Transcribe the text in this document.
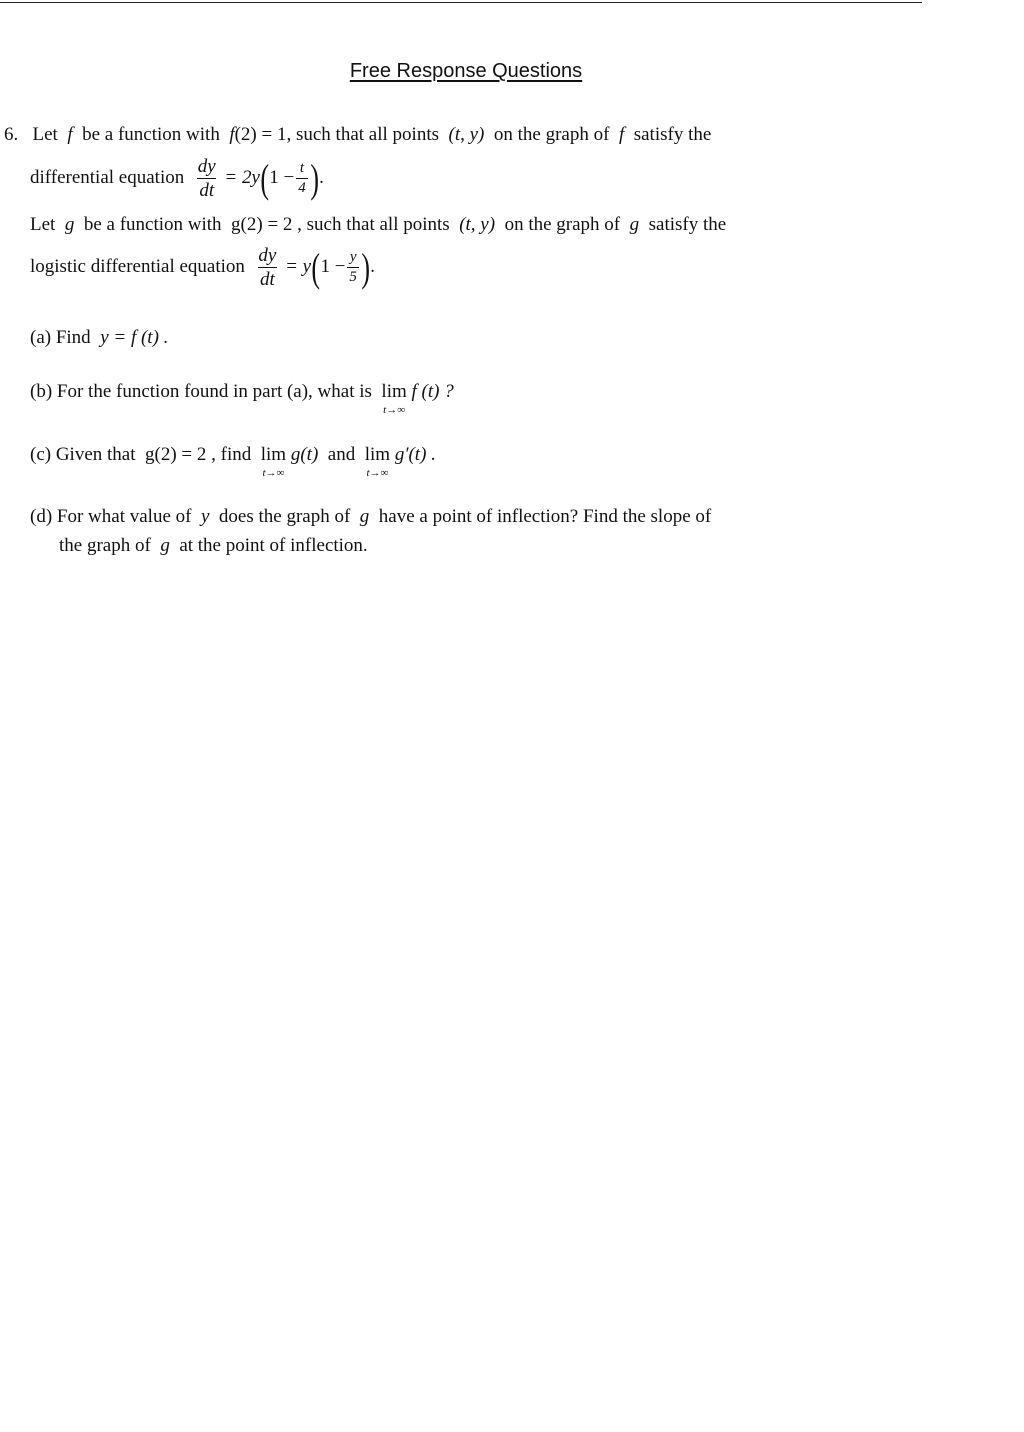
Free Response Questions
6. Let f be a function with f(2) = 1, such that all points (t, y) on the graph of f satisfy the
differential equation $\frac{dy}{dt} = 2y(1 - \frac{t}{4}$ ).
Let g be a function with g(2) = 2 , such that all points (t, y) on the graph of g satisfy the
logistic differential equation $\frac{dy}{dt} = y(1 - \frac{y}{5}$ ).
(a) Find y = f (t) .
(b) For the function found in part (a), what is lim
t→∞
f (t) ?
(c) Given that g(2) = 2 , find lim
t→∞
g(t) and lim
t→∞
g′(t) .
(d) For what value of y does the graph of g have a point of inflection? Find the slope of
the graph of g at the point of inflection.
